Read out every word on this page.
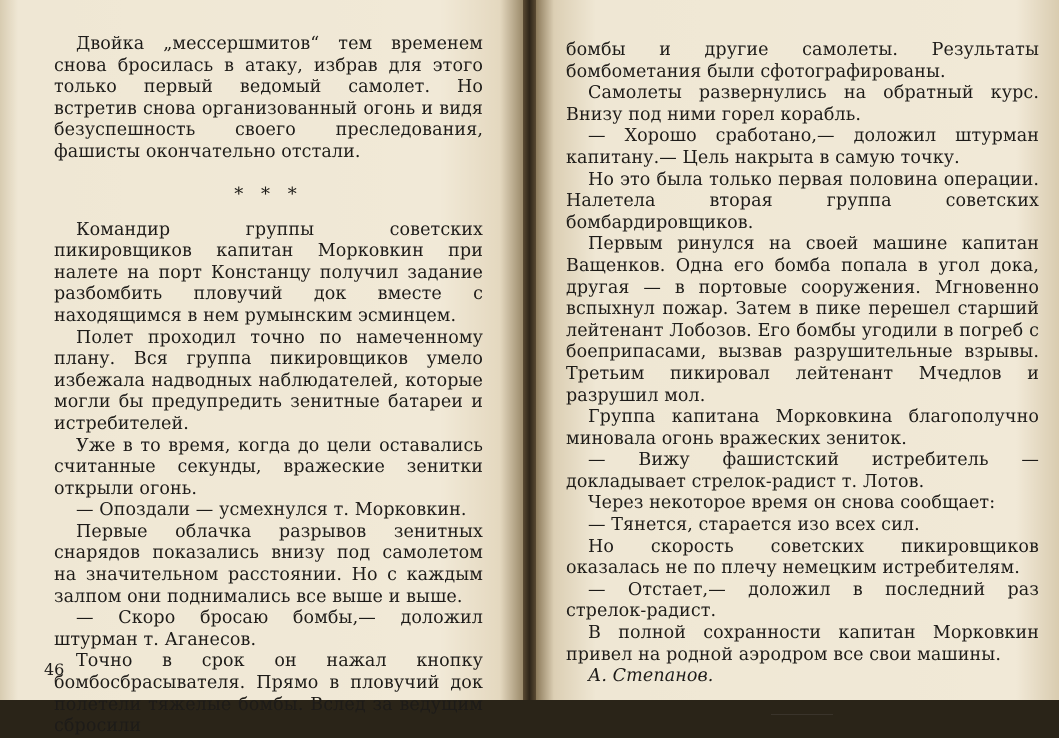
Двойка „мессершмитов“ тем временем снова бросилась в атаку, избрав для этого только первый ведомый самолет. Но встретив снова организованный огонь и видя безуспешность своего преследования, фашисты окончательно отстали.

* * *

Командир группы советских пикировщиков капитан Морковкин при налете на порт Констанцу получил задание разбомбить пловучий док вместе с находящимся в нем румынским эсминцем.

Полет проходил точно по намеченному плану. Вся группа пикировщиков умело избежала надводных наблюдателей, которые могли бы предупредить зенитные батареи и истребителей.

Уже в то время, когда до цели оставались считанные секунды, вражеские зенитки открыли огонь.

— Опоздали — усмехнулся т. Морковкин.

Первые облачка разрывов зенитных снарядов показались внизу под самолетом на значительном расстоянии. Но с каждым залпом они поднимались все выше и выше.

— Скоро бросаю бомбы,— доложил штурман т. Аганесов.

Точно в срок он нажал кнопку бомбосбрасывателя. Прямо в пловучий док полетели тяжелые бомбы. Вслед за ведущим сбросили

46

бомбы и другие самолеты. Результаты бомбометания были сфотографированы.

Самолеты развернулись на обратный курс. Внизу под ними горел корабль.

— Хорошо сработано,— доложил штурман капитану.— Цель накрыта в самую точку.

Но это была только первая половина операции. Налетела вторая группа советских бомбардировщиков.

Первым ринулся на своей машине капитан Ващенков. Одна его бомба попала в угол дока, другая — в портовые сооружения. Мгновенно вспыхнул пожар. Затем в пике перешел старший лейтенант Лобозов. Его бомбы угодили в погреб с боеприпасами, вызвав разрушительные взрывы. Третьим пикировал лейтенант Мчедлов и разрушил мол.

Группа капитана Морковкина благополучно миновала огонь вражеских зениток.

— Вижу фашистский истребитель — докладывает стрелок-радист т. Лотов.

Через некоторое время он снова сообщает:

— Тянется, старается изо всех сил.

Но скорость советских пикировщиков оказалась не по плечу немецким истребителям.

— Отстает,— доложил в последний раз стрелок-радист.

В полной сохранности капитан Морковкин привел на родной аэродром все свои машины.

А. Степанов.
